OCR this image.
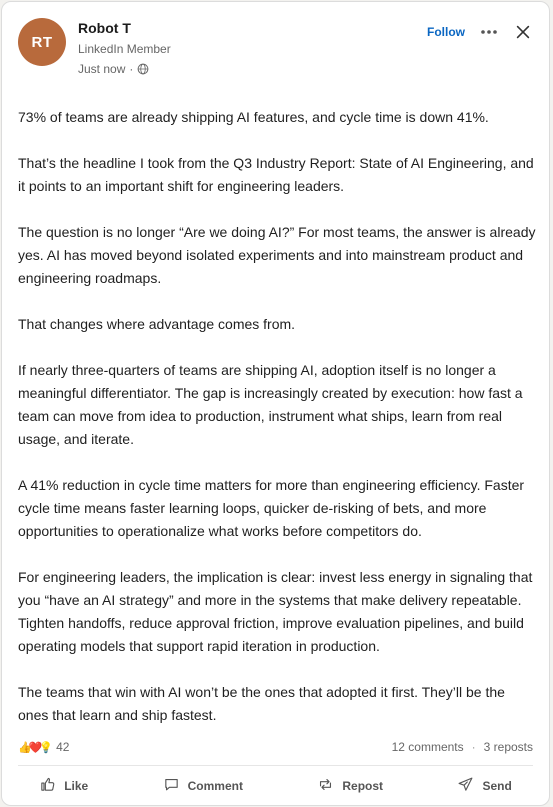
RT
Robot T
LinkedIn Member
Just now ·
Follow

73% of teams are already shipping AI features, and cycle time is down 41%.

That’s the headline I took from the Q3 Industry Report: State of AI Engineering, and it points to an important shift for engineering leaders.

The question is no longer “Are we doing AI?” For most teams, the answer is already yes. AI has moved beyond isolated experiments and into mainstream product and engineering roadmaps.

That changes where advantage comes from.

If nearly three-quarters of teams are shipping AI, adoption itself is no longer a meaningful differentiator. The gap is increasingly created by execution: how fast a team can move from idea to production, instrument what ships, learn from real usage, and iterate.

A 41% reduction in cycle time matters for more than engineering efficiency. Faster cycle time means faster learning loops, quicker de-risking of bets, and more opportunities to operationalize what works before competitors do.

For engineering leaders, the implication is clear: invest less energy in signaling that you “have an AI strategy” and more in the systems that make delivery repeatable. Tighten handoffs, reduce approval friction, improve evaluation pipelines, and build operating models that support rapid iteration in production.

The teams that win with AI won’t be the ones that adopted it first. They’ll be the ones that learn and ship fastest.

👍
❤️
💡 42	12 comments · 3 reposts
Like	Comment	Repost	Send
